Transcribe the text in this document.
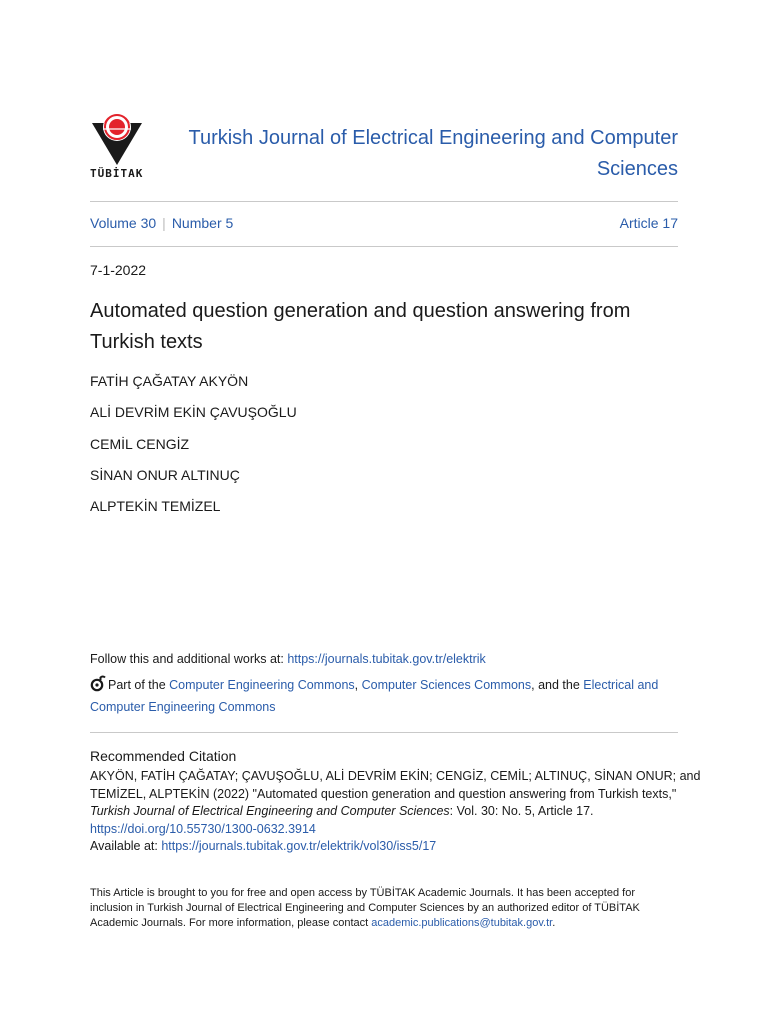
TÜBİTAK
Turkish Journal of Electrical Engineering and Computer
Sciences
Volume 30 | Number 5	Article 17
7-1-2022
Automated question generation and question answering from
Turkish texts
FATİH ÇAĞATAY AKYÖN
ALİ DEVRİM EKİN ÇAVUŞOĞLU
CEMİL CENGİZ
SİNAN ONUR ALTINUÇ
ALPTEKİN TEMİZEL
Follow this and additional works at: https://journals.tubitak.gov.tr/elektrik
Part of the Computer Engineering Commons, Computer Sciences Commons, and the Electrical and
Computer Engineering Commons
Recommended Citation
AKYÖN, FATİH ÇAĞATAY; ÇAVUŞOĞLU, ALİ DEVRİM EKİN; CENGİZ, CEMİL; ALTINUÇ, SİNAN ONUR; and
TEMİZEL, ALPTEKİN (2022) "Automated question generation and question answering from Turkish texts,"
Turkish Journal of Electrical Engineering and Computer Sciences: Vol. 30: No. 5, Article 17.
https://doi.org/10.55730/1300-0632.3914
Available at: https://journals.tubitak.gov.tr/elektrik/vol30/iss5/17
This Article is brought to you for free and open access by TÜBİTAK Academic Journals. It has been accepted for
inclusion in Turkish Journal of Electrical Engineering and Computer Sciences by an authorized editor of TÜBİTAK
Academic Journals. For more information, please contact academic.publications@tubitak.gov.tr.
